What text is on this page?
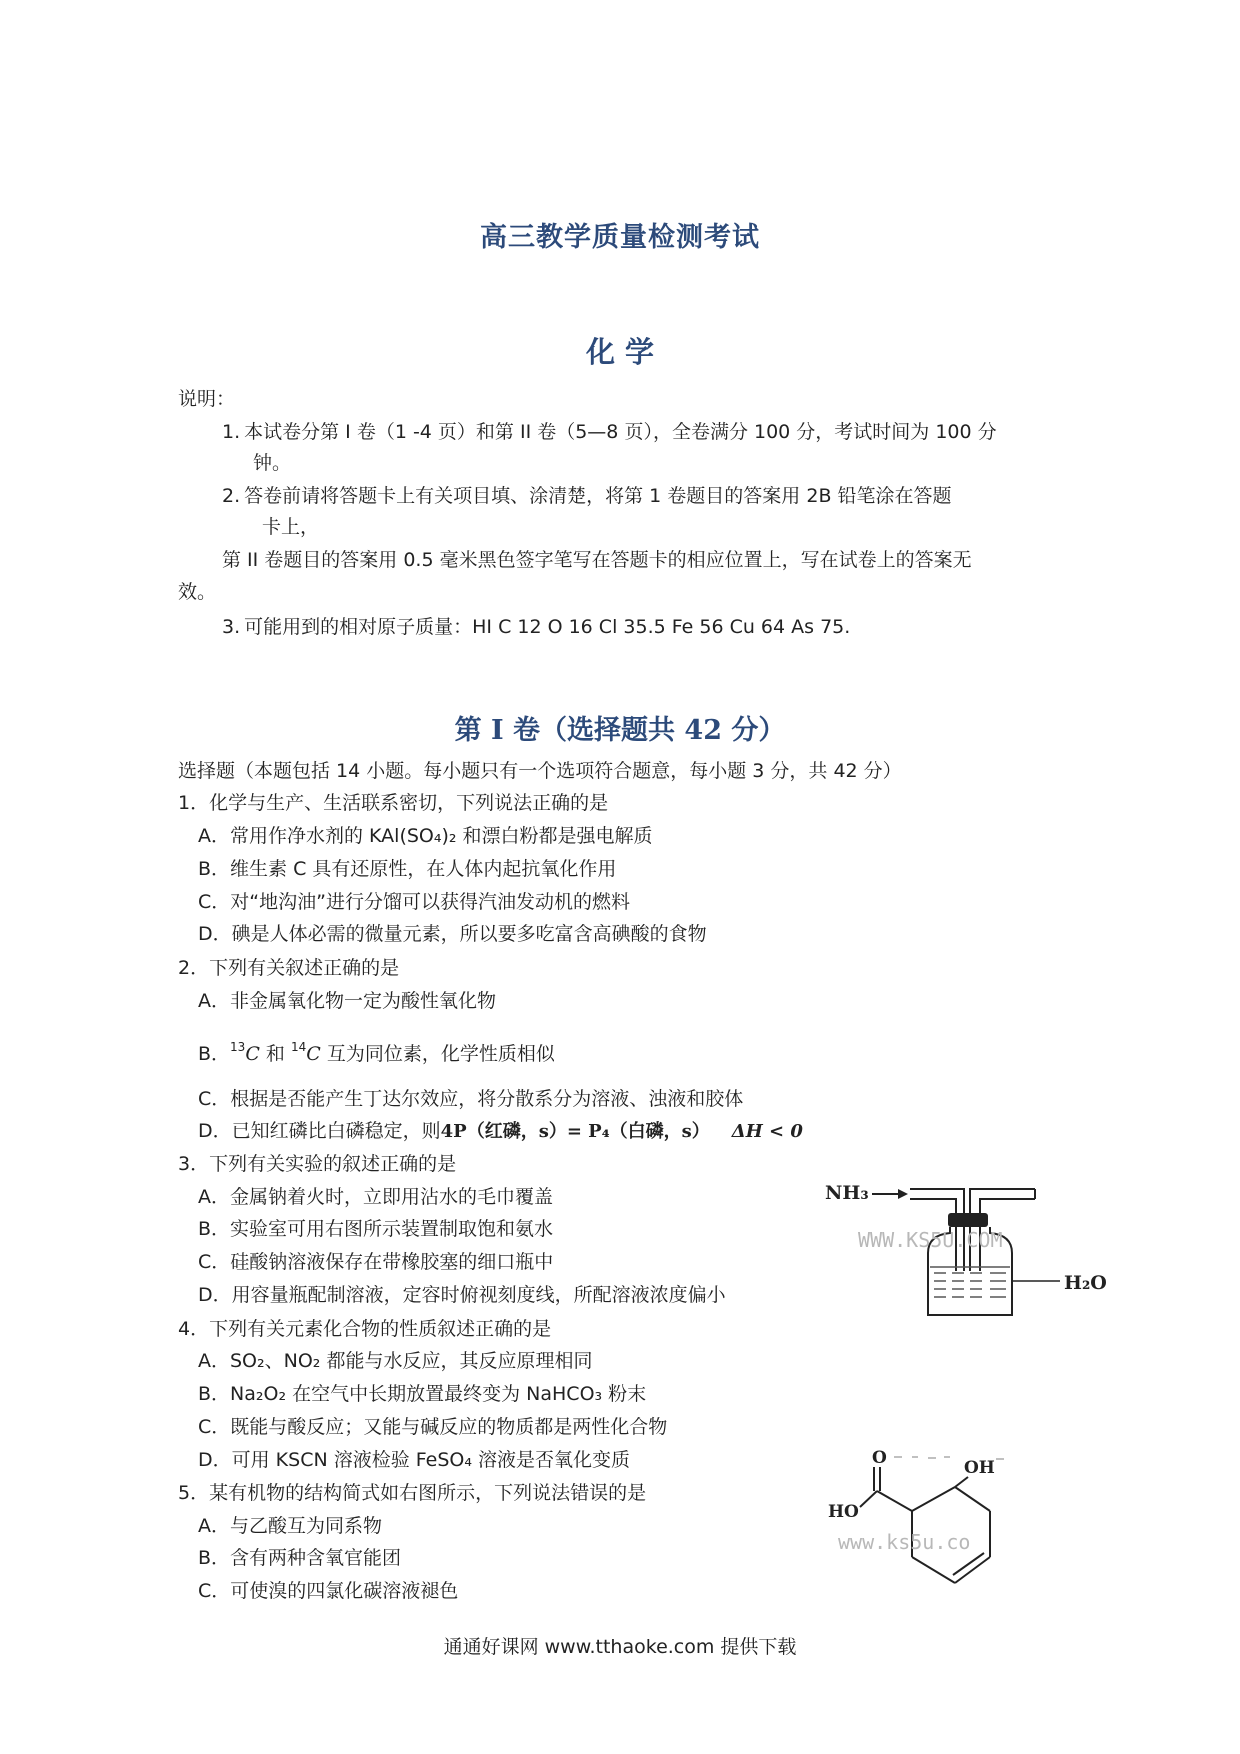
高三教学质量检测考试
化 学
说明：
1. 本试卷分第 I 卷（1 -4 页）和第 II 卷（5—8 页），全卷满分 100 分，考试时间为 100 分
钟。
2. 答卷前请将答题卡上有关项目填、涂清楚，将第 1 卷题目的答案用 2B 铅笔涂在答题
卡上，
第 II 卷题目的答案用 0.5 毫米黑色签字笔写在答题卡的相应位置上，写在试卷上的答案无
效。
3. 可能用到的相对原子质量：HI C 12 O 16 Cl 35.5 Fe 56 Cu 64 As 75.
第 I 卷（选择题共 42 分）
选择题（本题包括 14 小题。每小题只有一个选项符合题意，每小题 3 分，共 42 分）
1．化学与生产、生活联系密切，下列说法正确的是
A．常用作净水剂的 KAl(SO₄)₂ 和漂白粉都是强电解质
B．维生素 C 具有还原性，在人体内起抗氧化作用
C．对“地沟油”进行分馏可以获得汽油发动机的燃料
D．碘是人体必需的微量元素，所以要多吃富含高碘酸的食物
2．下列有关叙述正确的是
A．非金属氧化物一定为酸性氧化物
B．$^{13}$C 和 $^{14}$C 互为同位素，化学性质相似
C．根据是否能产生丁达尔效应，将分散系分为溶液、浊液和胶体
D．已知红磷比白磷稳定，则4P（红磷，s）= P₄（白磷，s） ΔH < 0
3．下列有关实验的叙述正确的是
A．金属钠着火时，立即用沾水的毛巾覆盖
B．实验室可用右图所示装置制取饱和氨水
C．硅酸钠溶液保存在带橡胶塞的细口瓶中
D．用容量瓶配制溶液，定容时俯视刻度线，所配溶液浓度偏小
NH₃
H₂O
WWW.KS5U.COM
4．下列有关元素化合物的性质叙述正确的是
A．SO₂、NO₂ 都能与水反应，其反应原理相同
B．Na₂O₂ 在空气中长期放置最终变为 NaHCO₃ 粉末
C．既能与酸反应；又能与碱反应的物质都是两性化合物
D．可用 KSCN 溶液检验 FeSO₄ 溶液是否氧化变质
5．某有机物的结构简式如右图所示，下列说法错误的是
A．与乙酸互为同系物
B．含有两种含氧官能团
C．可使溴的四氯化碳溶液褪色
O	OH
HO
www.ks5u.co
通通好课网 www.tthaoke.com 提供下载
